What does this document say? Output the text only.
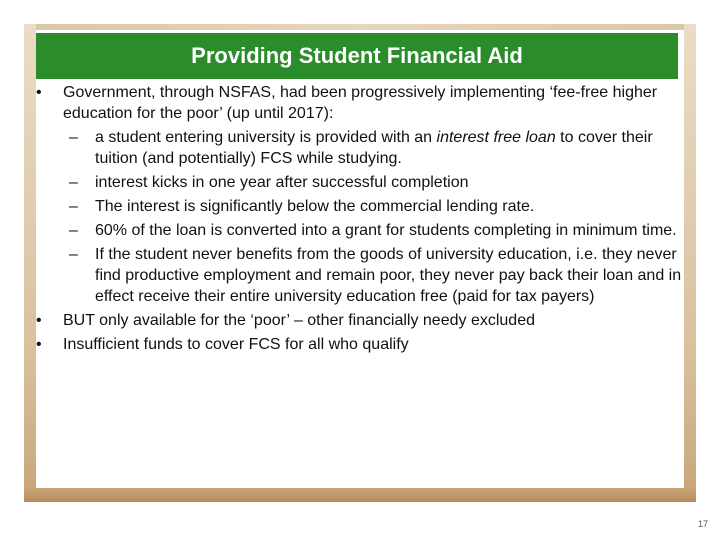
Providing Student Financial Aid
•	Government, through NSFAS, had been progressively implementing ‘fee-free higher education for the poor’ (up until 2017):
–	a student entering university is provided with an interest free loan to cover their tuition (and potentially) FCS while studying.
–	interest kicks in one year after successful completion
–	The interest is significantly below the commercial lending rate.
–	60% of the loan is converted into a grant for students completing in minimum time.
–	If the student never benefits from the goods of university education, i.e. they never find productive employment and remain poor, they never pay back their loan and in effect receive their entire university education free (paid for tax payers)
•	BUT only available for the ‘poor’ – other financially needy excluded
•	Insufficient funds to cover FCS for all who qualify
17
